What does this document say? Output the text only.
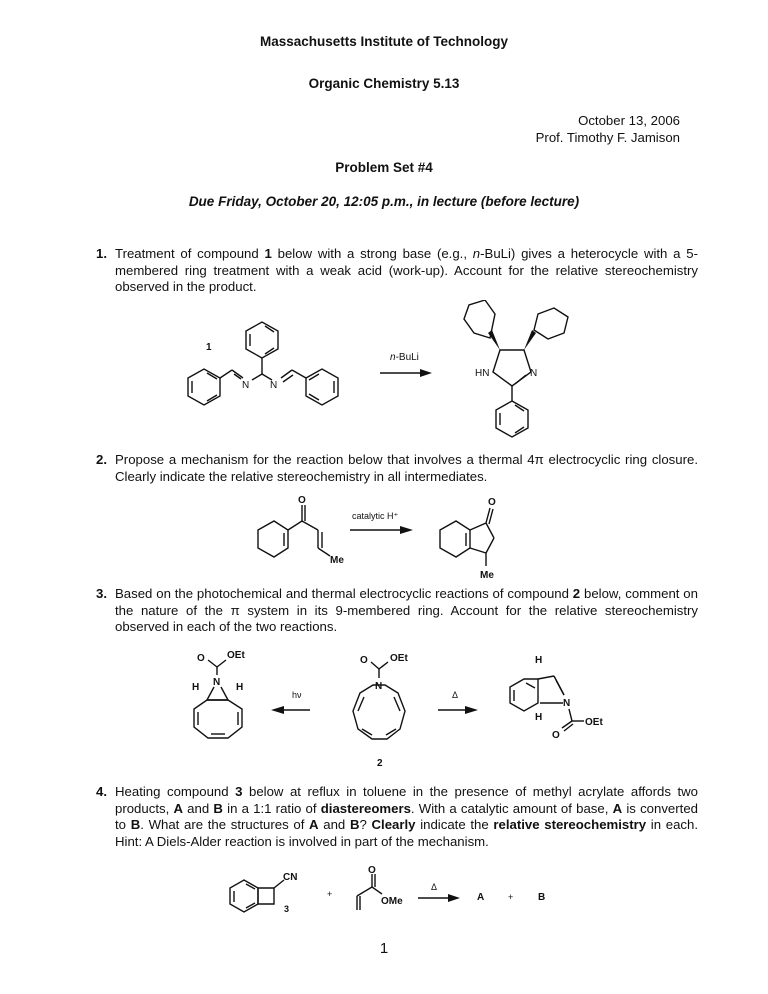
Massachusetts Institute of Technology
Organic Chemistry 5.13
October 13, 2006
Prof. Timothy F. Jamison
Problem Set #4
Due Friday, October 20, 12:05 p.m., in lecture (before lecture)
1. Treatment of compound 1 below with a strong base (e.g., n-BuLi) gives a heterocycle with a 5-membered ring treatment with a weak acid (work-up). Account for the relative stereochemistry observed in the product.
1
N N
n-BuLi
HN	N
2. Propose a mechanism for the reaction below that involves a thermal 4π electrocyclic ring closure. Clearly indicate the relative stereochemistry in all intermediates.
O
Me
catalytic H⁺
O
Me
3. Based on the photochemical and thermal electrocyclic reactions of compound 2 below, comment on the nature of the π system in its 9-membered ring. Account for the relative stereochemistry observed in each of the two reactions.
O OEt
N
H	H
hν
O OEt
N
2
Δ
H
N
H	OEt
O
4. Heating compound 3 below at reflux in toluene in the presence of methyl acrylate affords two products, A and B in a 1:1 ratio of diastereomers. With a catalytic amount of base, A is converted to B. What are the structures of A and B? Clearly indicate the relative stereochemistry in each. Hint: A Diels-Alder reaction is involved in part of the mechanism.
CN
3
+
O
OMe
Δ
A	+ B
1
